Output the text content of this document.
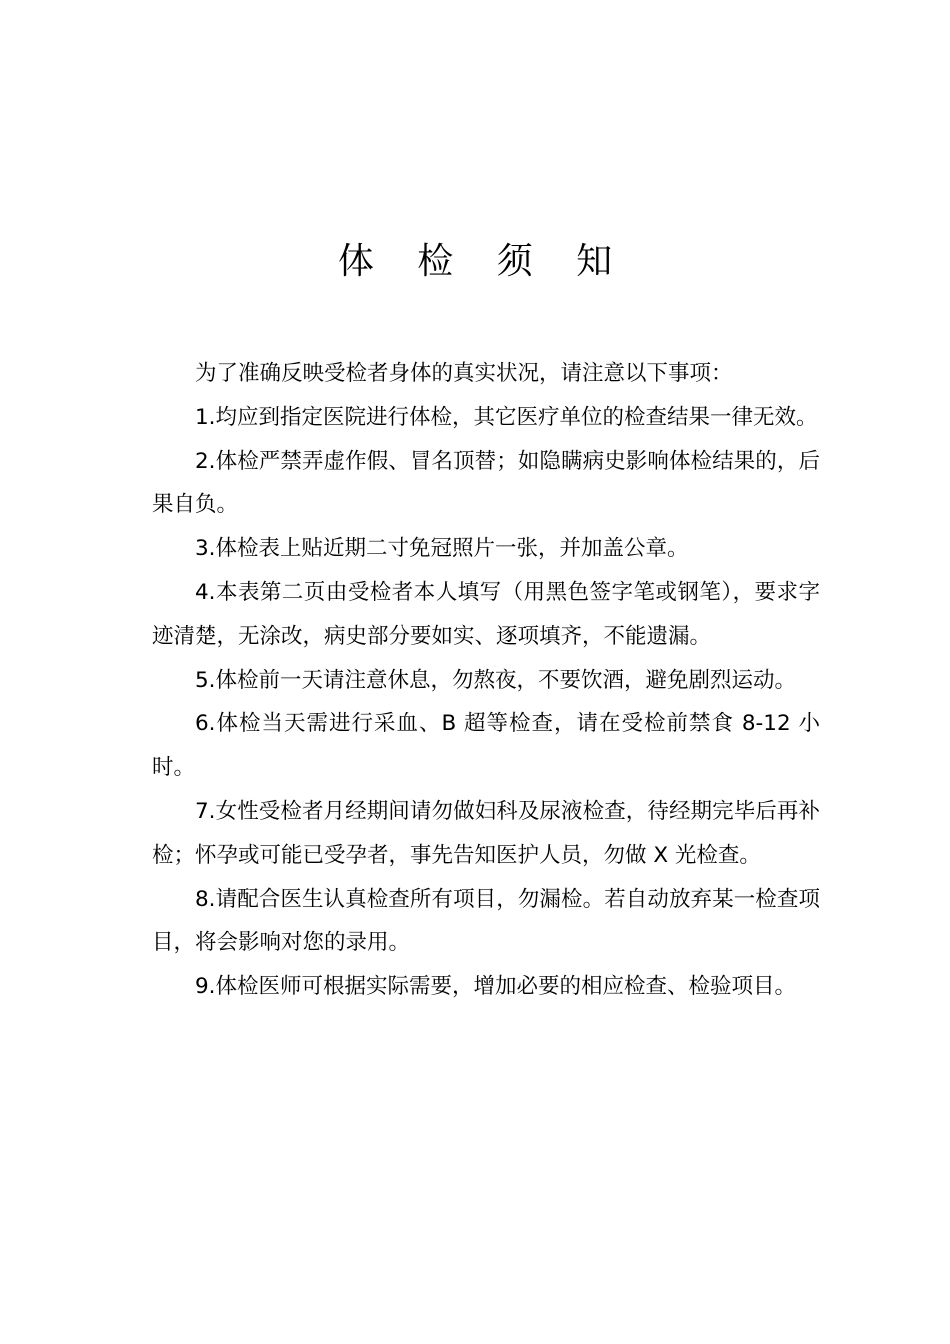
体 检 须 知

为了准确反映受检者身体的真实状况，请注意以下事项：

1.均应到指定医院进行体检，其它医疗单位的检查结果一律无效。

2.体检严禁弄虚作假、冒名顶替；如隐瞒病史影响体检结果的，后果自负。

3.体检表上贴近期二寸免冠照片一张，并加盖公章。

4.本表第二页由受检者本人填写（用黑色签字笔或钢笔），要求字迹清楚，无涂改，病史部分要如实、逐项填齐，不能遗漏。

5.体检前一天请注意休息，勿熬夜，不要饮酒，避免剧烈运动。

6.体检当天需进行采血、B 超等检查，请在受检前禁食 8-12 小时。

7.女性受检者月经期间请勿做妇科及尿液检查，待经期完毕后再补检；怀孕或可能已受孕者，事先告知医护人员，勿做 X 光检查。

8.请配合医生认真检查所有项目，勿漏检。若自动放弃某一检查项目，将会影响对您的录用。

9.体检医师可根据实际需要，增加必要的相应检查、检验项目。
